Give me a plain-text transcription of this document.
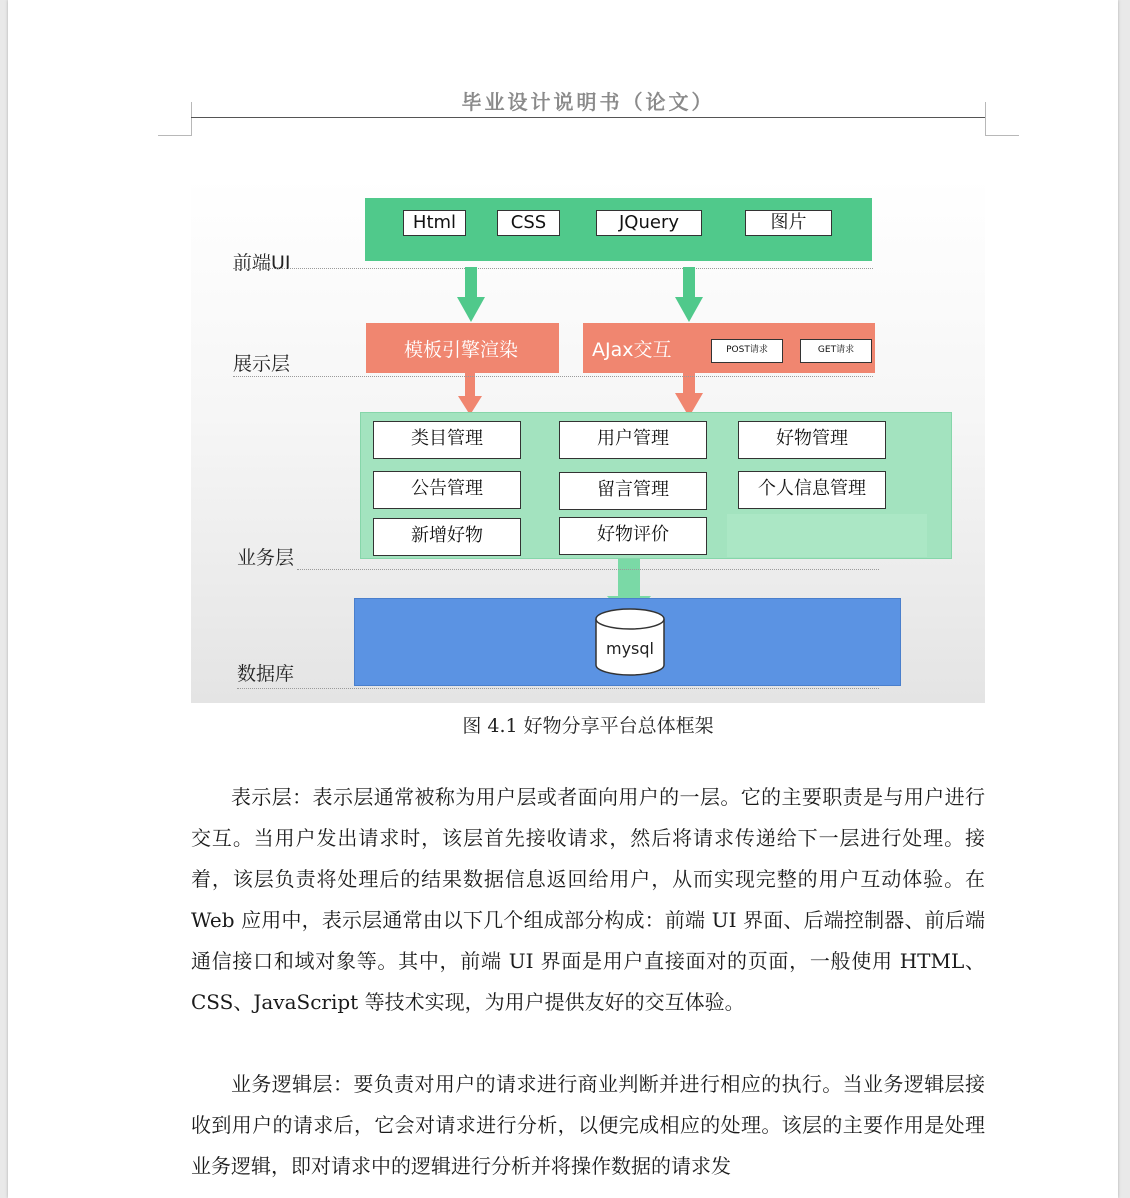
毕业设计说明书（论文）
Html	CSS	JQuery	图片
前端UI
模板引擎渲染	AJax交互	POST请求	GET请求
展示层
类目管理	用户管理	好物管理
公告管理	留言管理	个人信息管理
新增好物	好物评价
业务层
mysql
数据库
图 4.1 好物分享平台总体框架

表示层：表示层通常被称为用户层或者面向用户的一层。它的主要职责是与用户进行交互。当用户发出请求时，该层首先接收请求，然后将请求传递给下一层进行处理。接着，该层负责将处理后的结果数据信息返回给用户，从而实现完整的用户互动体验。在 Web 应用中，表示层通常由以下几个组成部分构成：前端 UI 界面、后端控制器、前后端通信接口和域对象等。其中，前端 UI 界面是用户直接面对的页面，一般使用 HTML、CSS、JavaScript 等技术实现，为用户提供友好的交互体验。

业务逻辑层：要负责对用户的请求进行商业判断并进行相应的执行。当业务逻辑层接收到用户的请求后，它会对请求进行分析，以便完成相应的处理。该层的主要作用是处理业务逻辑，即对请求中的逻辑进行分析并将操作数据的请求发
